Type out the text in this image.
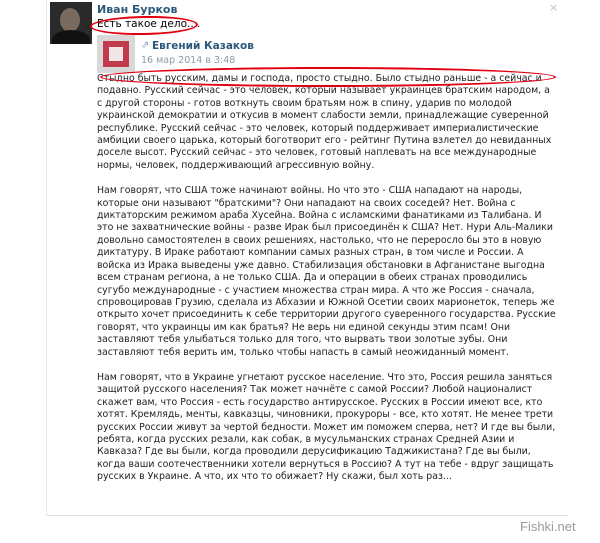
Иван Бурков	×
Есть такое дело....
⇗ Евгений Казаков
16 мар 2014 в 3:48

Стыдно быть русским, дамы и господа, просто стыдно. Было стыдно раньше - а сейчас и подавно. Русский сейчас - это человек, который называет украинцев братским народом, а с другой стороны - готов воткнуть своим братьям нож в спину, ударив по молодой украинской демократии и откусив в момент слабости земли, принадлежащие суверенной республике. Русский сейчас - это человек, который поддерживает империалистические амбиции своего царька, который боготворит его - рейтинг Путина взлетел до невиданных доселе высот. Русский сейчас - это человек, готовый наплевать на все международные нормы, человек, поддерживающий агрессивную войну.

Нам говорят, что США тоже начинают войны. Но что это - США нападают на народы, которые они называют "братскими"? Они нападают на своих соседей? Нет. Война с диктаторским режимом араба Хусейна. Война с исламскими фанатиками из Талибана. И это не захватнические войны - разве Ирак был присоединён к США? Нет. Нури Аль-Малики довольно самостоятелен в своих решениях, настолько, что не переросло бы это в новую диктатуру. В Ираке работают компании самых разных стран, в том числе и России. А войска из Ирака выведены уже давно. Стабилизация обстановки в Афганистане выгодна всем странам региона, а не только США. Да и операции в обеих странах проводились сугубо международные - с участием множества стран мира. А что же Россия - сначала, спровоцировав Грузию, сделала из Абхазии и Южной Осетии своих марионеток, теперь же открыто хочет присоединить к себе территории другого суверенного государства. Русские говорят, что украинцы им как братья? Не верь ни единой секунды этим псам! Они заставляют тебя улыбаться только для того, что вырвать твои золотые зубы. Они заставляют тебя верить им, только чтобы напасть в самый неожиданный момент.

Нам говорят, что в Украине угнетают русское население. Что это, Россия решила заняться защитой русского населения? Так может начнёте с самой России? Любой националист скажет вам, что Россия - есть государство антирусское. Русских в России имеют все, кто хотят. Кремлядь, менты, кавказцы, чиновники, прокуроры - все, кто хотят. Не менее трети русских России живут за чертой бедности. Может им поможем сперва, нет? И где вы были, ребята, когда русских резали, как собак, в мусульманских странах Средней Азии и Кавказа? Где вы были, когда проводили дерусификацию Таджикистана? Где вы были, когда ваши соотечественники хотели вернуться в Россию? А тут на тебе - вдруг защищать русских в Украине. А что, их что то обижает? Ну скажи, был хоть раз...

Fishki.net
